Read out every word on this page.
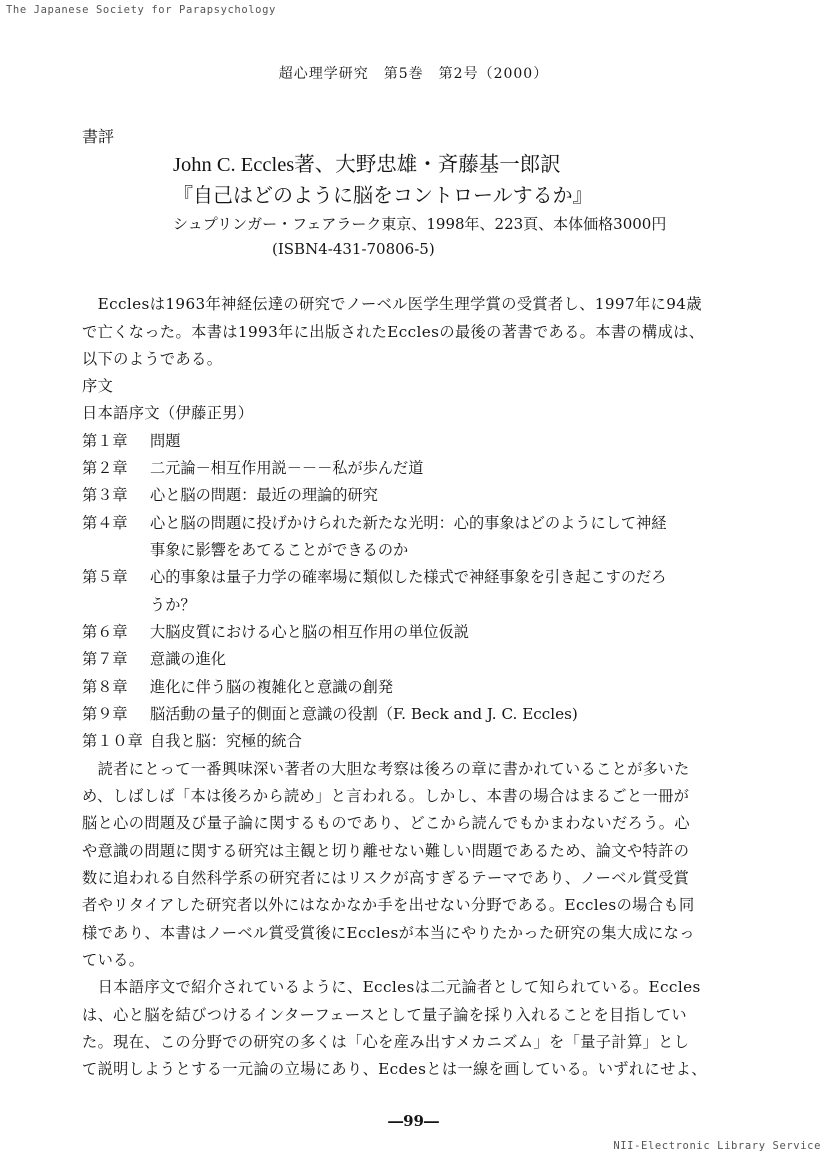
The Japanese Society for Parapsychology
超心理学研究　第5巻　第2号（2000）
書評
John C. Eccles著、大野忠雄・斉藤基一郎訳
『自己はどのように脳をコントロールするか』
シュプリンガー・フェアラーク東京、1998年、223頁、本体価格3000円
(ISBN4-431-70806-5)
　Ecclesは1963年神経伝達の研究でノーベル医学生理学賞の受賞者し、1997年に94歳
で亡くなった。本書は1993年に出版されたEcclesの最後の著書である。本書の構成は、
以下のようである。
序文
日本語序文（伊藤正男）
第１章 問題
第２章 二元論－相互作用説－－－私が歩んだ道
第３章 心と脳の問題：最近の理論的研究
第４章 心と脳の問題に投げかけられた新たな光明：心的事象はどのようにして神経
事象に影響をあてることができるのか
第５章 心的事象は量子力学の確率場に類似した様式で神経事象を引き起こすのだろ
うか？
第６章 大脳皮質における心と脳の相互作用の単位仮説
第７章 意識の進化
第８章 進化に伴う脳の複雑化と意識の創発
第９章 脳活動の量子的側面と意識の役割（F. Beck and J. C. Eccles)
第１０章 自我と脳：究極的統合
　読者にとって一番興味深い著者の大胆な考察は後ろの章に書かれていることが多いた
め、しばしば「本は後ろから読め」と言われる。しかし、本書の場合はまるごと一冊が
脳と心の問題及び量子論に関するものであり、どこから読んでもかまわないだろう。心
や意識の問題に関する研究は主観と切り離せない難しい問題であるため、論文や特許の
数に追われる自然科学系の研究者にはリスクが高すぎるテーマであり、ノーベル賞受賞
者やリタイアした研究者以外にはなかなか手を出せない分野である。Ecclesの場合も同
様であり、本書はノーベル賞受賞後にEcclesが本当にやりたかった研究の集大成になっ
ている。
　日本語序文で紹介されているように、Ecclesは二元論者として知られている。Eccles
は、心と脳を結びつけるインターフェースとして量子論を採り入れることを目指してい
た。現在、この分野での研究の多くは「心を産み出すメカニズム」を「量子計算」とし
て説明しようとする一元論の立場にあり、Ecdesとは一線を画している。いずれにせよ、
―99―
NII-Electronic Library Service
